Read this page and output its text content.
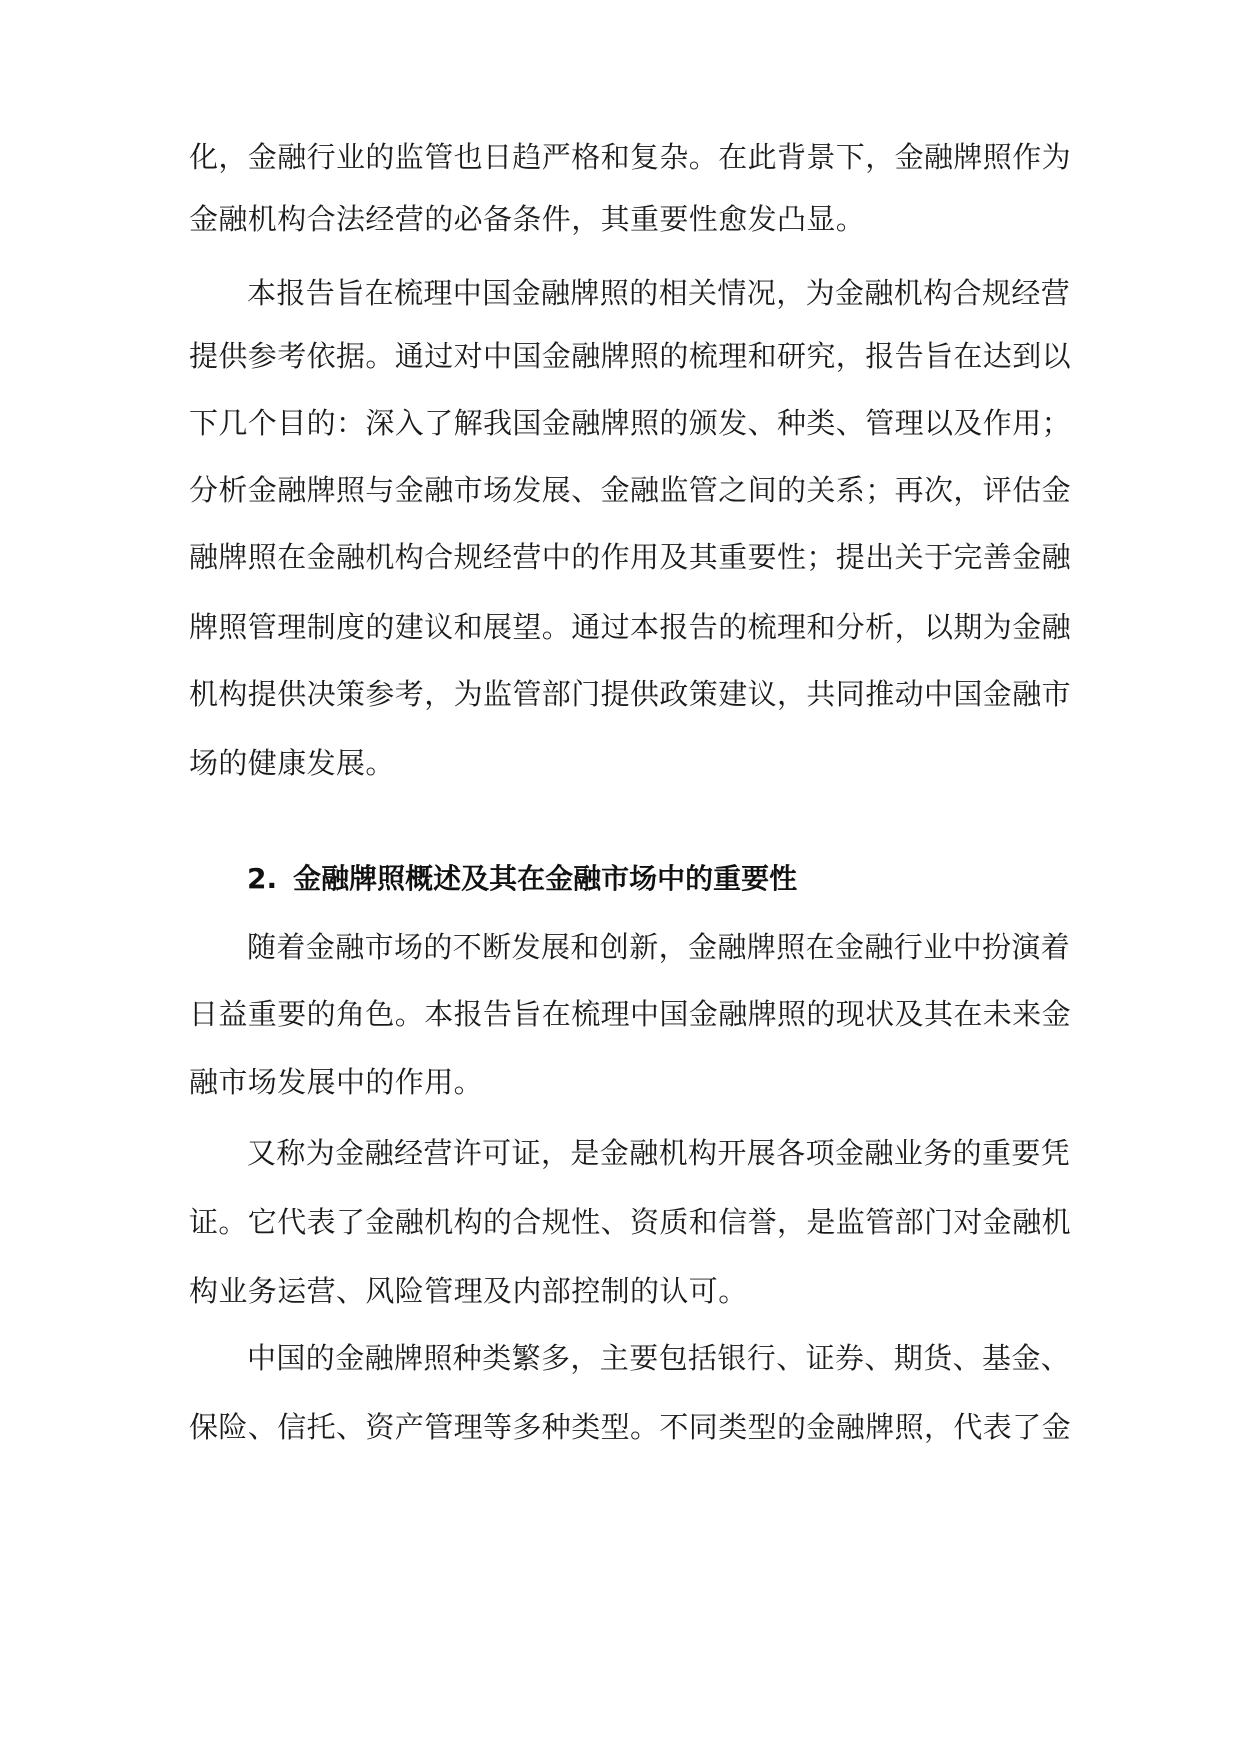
化，金融行业的监管也日趋严格和复杂。在此背景下，金融牌照作为
金融机构合法经营的必备条件，其重要性愈发凸显。
本报告旨在梳理中国金融牌照的相关情况，为金融机构合规经营
提供参考依据。通过对中国金融牌照的梳理和研究，报告旨在达到以
下几个目的：深入了解我国金融牌照的颁发、种类、管理以及作用；
分析金融牌照与金融市场发展、金融监管之间的关系；再次，评估金
融牌照在金融机构合规经营中的作用及其重要性；提出关于完善金融
牌照管理制度的建议和展望。通过本报告的梳理和分析，以期为金融
机构提供决策参考，为监管部门提供政策建议，共同推动中国金融市
场的健康发展。
2. 金融牌照概述及其在金融市场中的重要性
随着金融市场的不断发展和创新，金融牌照在金融行业中扮演着
日益重要的角色。本报告旨在梳理中国金融牌照的现状及其在未来金
融市场发展中的作用。
又称为金融经营许可证，是金融机构开展各项金融业务的重要凭
证。它代表了金融机构的合规性、资质和信誉，是监管部门对金融机
构业务运营、风险管理及内部控制的认可。
中国的金融牌照种类繁多，主要包括银行、证券、期货、基金、
保险、信托、资产管理等多种类型。不同类型的金融牌照，代表了金
